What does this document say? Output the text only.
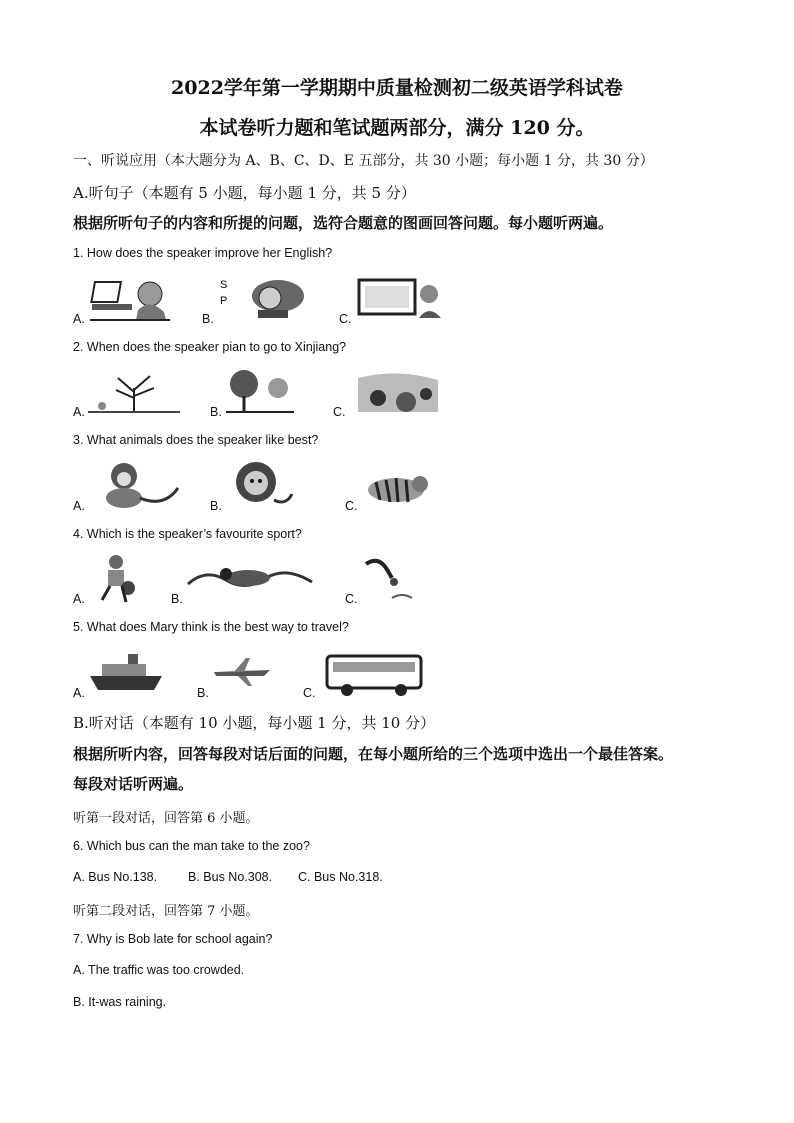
2022学年第一学期期中质量检测初二级英语学科试卷
本试卷听力题和笔试题两部分，满分 120 分。
一、听说应用（本大题分为 A、B、C、D、E 五部分，共 30 小题；每小题 1 分，共 30 分）
A.听句子（本题有 5 小题，每小题 1 分，共 5 分）
根据所听句子的内容和所提的问题，选符合题意的图画回答问题。每小题听两遍。
1. How does the speaker improve her English?
A.	B.
S
P
C.
2. When does the speaker pian to go to Xinjiang?
A.	B.	C.
3. What animals does the speaker like best?
A.	B.	C.
4. Which is the speaker’s favourite sport?
A.	B.	C.
5. What does Mary think is the best way to travel?
A.	B.	C.
B.听对话（本题有 10 小题，每小题 1 分，共 10 分）
根据所听内容，回答每段对话后面的问题，在每小题所给的三个选项中选出一个最佳答案。
每段对话听两遍。
听第一段对话，回答第 6 小题。
6. Which bus can the man take to the zoo?
A. Bus No.138. B. Bus No.308. C. Bus No.318.
听第二段对话，回答第 7 小题。
7. Why is Bob late for school again?
A. The traffic was too crowded.
B. It-was raining.
